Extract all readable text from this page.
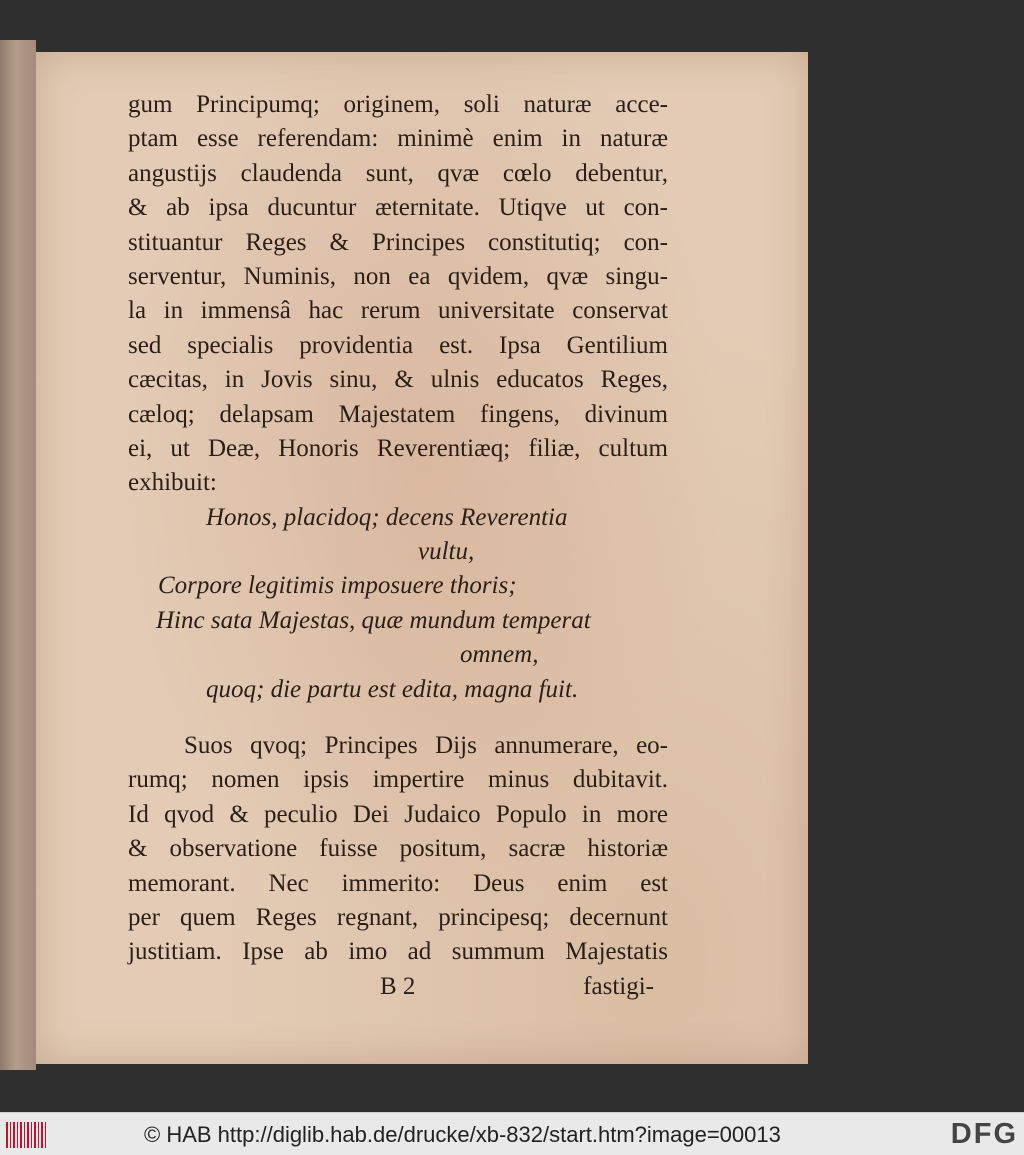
gum Principumq; originem, soli naturæ acce-
ptam esse referendam: minimè enim in naturæ
angustijs claudenda sunt, qvæ cœlo debentur,
& ab ipsa ducuntur æternitate. Utiqve ut con-
stituantur Reges & Principes constitutiq; con-
serventur, Numinis, non ea qvidem, qvæ singu-
la in immensâ hac rerum universitate conservat
sed specialis providentia est. Ipsa Gentilium
cæcitas, in Jovis sinu, & ulnis educatos Reges,
cæloq; delapsam Majestatem fingens, divinum
ei, ut Deæ, Honoris Reverentiæq; filiæ, cultum
exhibuit:
Honos, placidoq; decens Reverentia
vultu,
Corpore legitimis imposuere thoris;
Hinc sata Majestas, quæ mundum temperat
omnem,
quoq; die partu est edita, magna fuit.
Suos qvoq; Principes Dijs annumerare, eo-
rumq; nomen ipsis impertire minus dubitavit.
Id qvod & peculio Dei Judaico Populo in more
& observatione fuisse positum, sacræ historiæ
memorant. Nec immerito: Deus enim est
per quem Reges regnant, principesq; decernunt
justitiam. Ipse ab imo ad summum Majestatis
B 2	fastigi-
© HAB http://diglib.hab.de/drucke/xb-832/start.htm?image=00013	DFG
